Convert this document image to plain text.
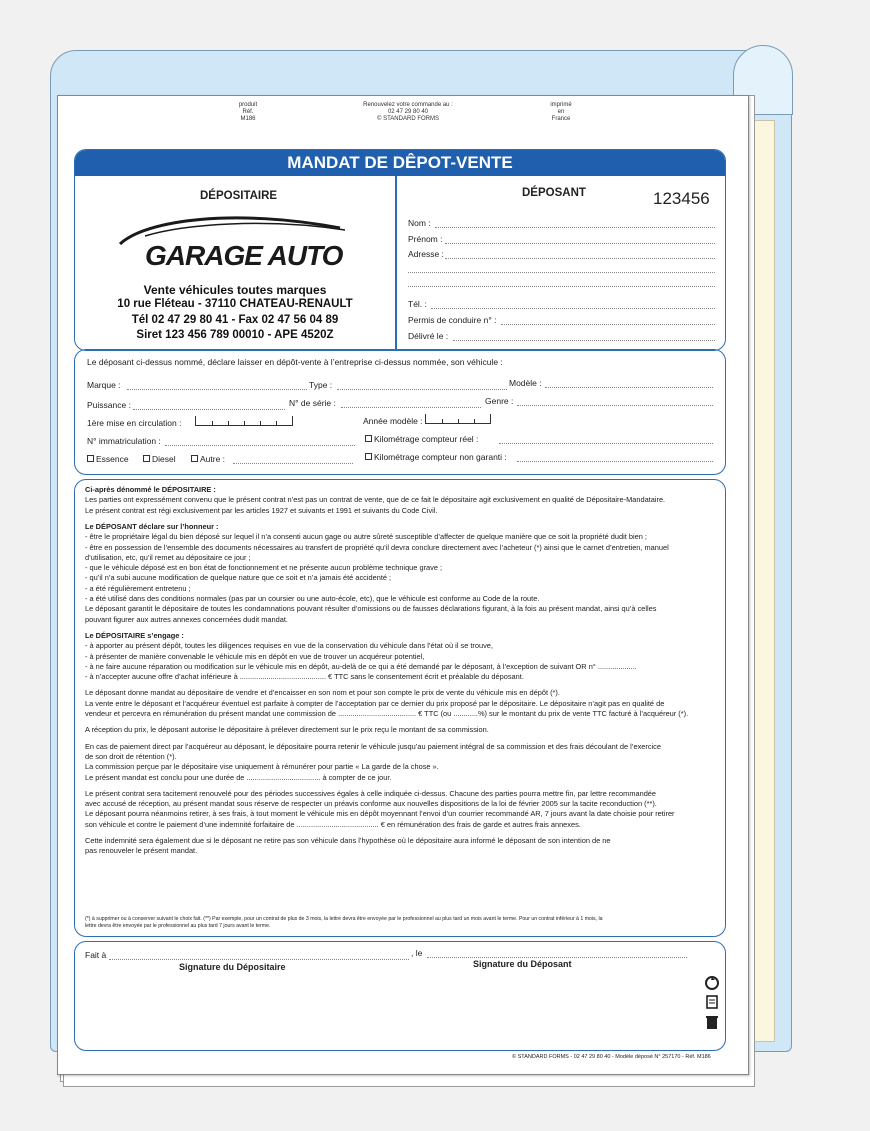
produit
Réf.
M186
Renouvelez votre commande au :
02 47 29 80 40
© STANDARD FORMS
imprimé
en
France
MANDAT DE DÊPOT-VENTE
DÉPOSITAIRE
GARAGE AUTO
Vente véhicules toutes marques
10 rue Fléteau - 37110 CHATEAU-RENAULT
Tél 02 47 29 80 41 - Fax 02 47 56 04 89
Siret 123 456 789 00010 - APE 4520Z
DÉPOSANT	123456
Nom :
Prénom :
Adresse :
Tél. :
Permis de conduire n° :
Délivré le :
Le déposant ci-dessus nommé, déclare laisser en dépôt-vente à l’entreprise ci-dessus nommée, son véhicule :
Marque :	Type :	Modèle :
Puissance :	N° de série :	Genre :
1ère mise en circulation :	Année modèle :
N° immatriculation :	Kilométrage compteur réel :
Essence	Diesel	Autre :	Kilométrage compteur non garanti :
Ci-après dénommé le DÉPOSITAIRE :
Les parties ont expressément convenu que le présent contrat n’est pas un contrat de vente, que de ce fait le dépositaire agit exclusivement en qualité de Dépositaire-Mandataire.
Le présent contrat est régi exclusivement par les articles 1927 et suivants et 1991 et suivants du Code Civil.
Le DÉPOSANT déclare sur l’honneur :
- être le propriétaire légal du bien déposé sur lequel il n’a consenti aucun gage ou autre sûreté susceptible d’affecter de quelque manière que ce soit la propriété dudit bien ;
- être en possession de l’ensemble des documents nécessaires au transfert de propriété qu’il devra conclure directement avec l’acheteur (*) ainsi que le carnet d’entretien, manuel
d’utilisation, etc, qu’il remet au dépositaire ce jour ;
- que le véhicule déposé est en bon état de fonctionnement et ne présente aucun problème technique grave ;
- qu’il n’a subi aucune modification de quelque nature que ce soit et n’a jamais été accidenté ;
- a été régulièrement entretenu ;
- a été utilisé dans des conditions normales (pas par un coursier ou une auto-école, etc), que le véhicule est conforme au Code de la route.
Le déposant garantit le dépositaire de toutes les condamnations pouvant résulter d’omissions ou de fausses déclarations figurant, à la fois au présent mandat, ainsi qu’à celles
pouvant figurer aux autres annexes concernées dudit mandat.
Le DÉPOSITAIRE s’engage :
- à apporter au présent dépôt, toutes les diligences requises en vue de la conservation du véhicule dans l’état où il se trouve,
- à présenter de manière convenable le véhicule mis en dépôt en vue de trouver un acquéreur potentiel,
- à ne faire aucune réparation ou modification sur le véhicule mis en dépôt, au-delà de ce qui a été demandé par le déposant, à l’exception de suivant OR n° ...................
- à n’accepter aucune offre d’achat inférieure à .......................................... € TTC sans le consentement écrit et préalable du déposant.
Le déposant donne mandat au dépositaire de vendre et d’encaisser en son nom et pour son compte le prix de vente du véhicule mis en dépôt (*).
La vente entre le déposant et l’acquéreur éventuel est parfaite à compter de l’acceptation par ce dernier du prix proposé par le dépositaire. Le dépositaire n’agit pas en qualité de
vendeur et percevra en rémunération du présent mandat une commission de ...................................... € TTC (ou ............%) sur le montant du prix de vente TTC facturé à l’acquéreur (*).
A réception du prix, le déposant autorise le dépositaire à prélever directement sur le prix reçu le montant de sa commission.
En cas de paiement direct par l’acquéreur au déposant, le dépositaire pourra retenir le véhicule jusqu’au paiement intégral de sa commission et des frais découlant de l’exercice
de son droit de rétention (*).
La commission perçue par le dépositaire vise uniquement à rémunérer pour partie « La garde de la chose ».
Le présent mandat est conclu pour une durée de .................................... à compter de ce jour.
Le présent contrat sera tacitement renouvelé pour des périodes successives égales à celle indiquée ci-dessus. Chacune des parties pourra mettre fin, par lettre recommandée
avec accusé de réception, au présent mandat sous réserve de respecter un préavis conforme aux nouvelles dispositions de la loi de février 2005 sur la tacite reconduction (**).
Le déposant pourra néanmoins retirer, à ses frais, à tout moment le véhicule mis en dépôt moyennant l’envoi d’un courrier recommandé AR, 7 jours avant la date choisie pour retirer
son véhicule et contre le paiement d’une indemnité forfaitaire de ........................................ € en rémunération des frais de garde et autres frais annexes.
Cette indemnité sera également due si le déposant ne retire pas son véhicule dans l’hypothèse où le dépositaire aura informé le déposant de son intention de ne
pas renouveler le présent mandat.
(*) à supprimer ou à conserver suivant le choix fait. (**) Par exemple, pour un contrat de plus de 3 mois, la lettre devra être envoyée par le professionnel au plus tard un mois avant le terme. Pour un contrat inférieur à 1 mois, la
lettre devra être envoyée par le professionnel au plus tard 7 jours avant le terme.
Fait à	, le
Signature du Dépositaire	Signature du Déposant
© STANDARD FORMS - 02 47 29 80 40 - Modèle déposé N° 257170 - Réf. M186
